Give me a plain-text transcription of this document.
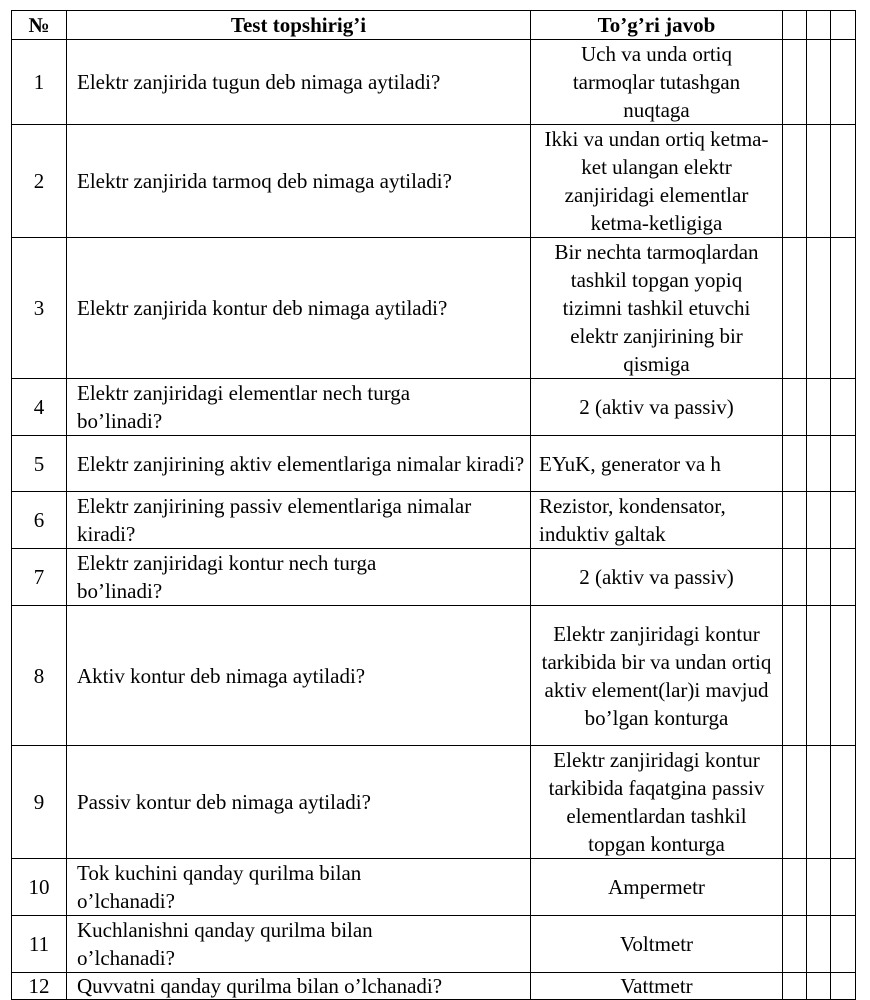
№	Test topshirig’i	To’g’ri javob			
1	Elektr zanjirida tugun deb nimaga aytiladi?	Uch va unda ortiq tarmoqlar tutashgan nuqtaga			
2	Elektr zanjirida tarmoq deb nimaga aytiladi?	Ikki va undan ortiq ketma-ket ulangan elektr zanjiridagi elementlar ketma-ketligiga			
3	Elektr zanjirida kontur deb nimaga aytiladi?	Bir nechta tarmoqlardan tashkil topgan yopiq tizimni tashkil etuvchi elektr zanjirining bir qismiga			
4	Elektr zanjiridagi elementlar nech turga bo’linadi?	2 (aktiv va passiv)			
5	Elektr zanjirining aktiv elementlariga nimalar kiradi?	EYuK, generator va h			
6	Elektr zanjirining passiv elementlariga nimalar kiradi?	Rezistor, kondensator, induktiv galtak			
7	Elektr zanjiridagi kontur nech turga bo’linadi?	2 (aktiv va passiv)			
8	Aktiv kontur deb nimaga aytiladi?	Elektr zanjiridagi kontur tarkibida bir va undan ortiq aktiv element(lar)i mavjud bo’lgan konturga			
9	Passiv kontur deb nimaga aytiladi?	Elektr zanjiridagi kontur tarkibida faqatgina passiv elementlardan tashkil topgan konturga			
10	Tok kuchini qanday qurilma bilan o’lchanadi?	Ampermetr			
11	Kuchlanishni qanday qurilma bilan o’lchanadi?	Voltmetr			
12	Quvvatni qanday qurilma bilan o’lchanadi?	Vattmetr			
